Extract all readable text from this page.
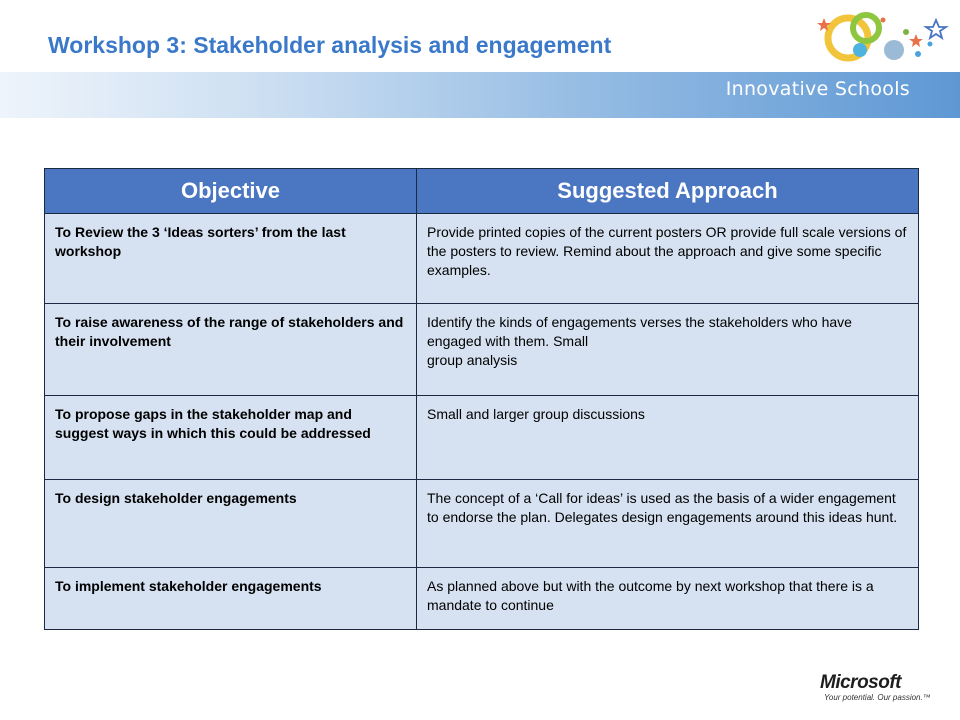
Workshop 3: Stakeholder analysis and engagement
Innovative Schools
Objective	Suggested Approach
To Review the 3 ‘Ideas sorters’ from the last workshop	Provide printed copies of the current posters OR provide full scale versions of the posters to review. Remind about the approach and give some specific examples.
To raise awareness of the range of stakeholders and their involvement	Identify the kinds of engagements verses the stakeholders who have engaged with them. Small
group analysis
To propose gaps in the stakeholder map and suggest ways in which this could be addressed	Small and larger group discussions
To design stakeholder engagements	The concept of a ‘Call for ideas’ is used as the basis of a wider engagement to endorse the plan. Delegates design engagements around this ideas hunt.
To implement stakeholder engagements	As planned above but with the outcome by next workshop that there is a mandate to continue
Microsoft
Your potential. Our passion.™
